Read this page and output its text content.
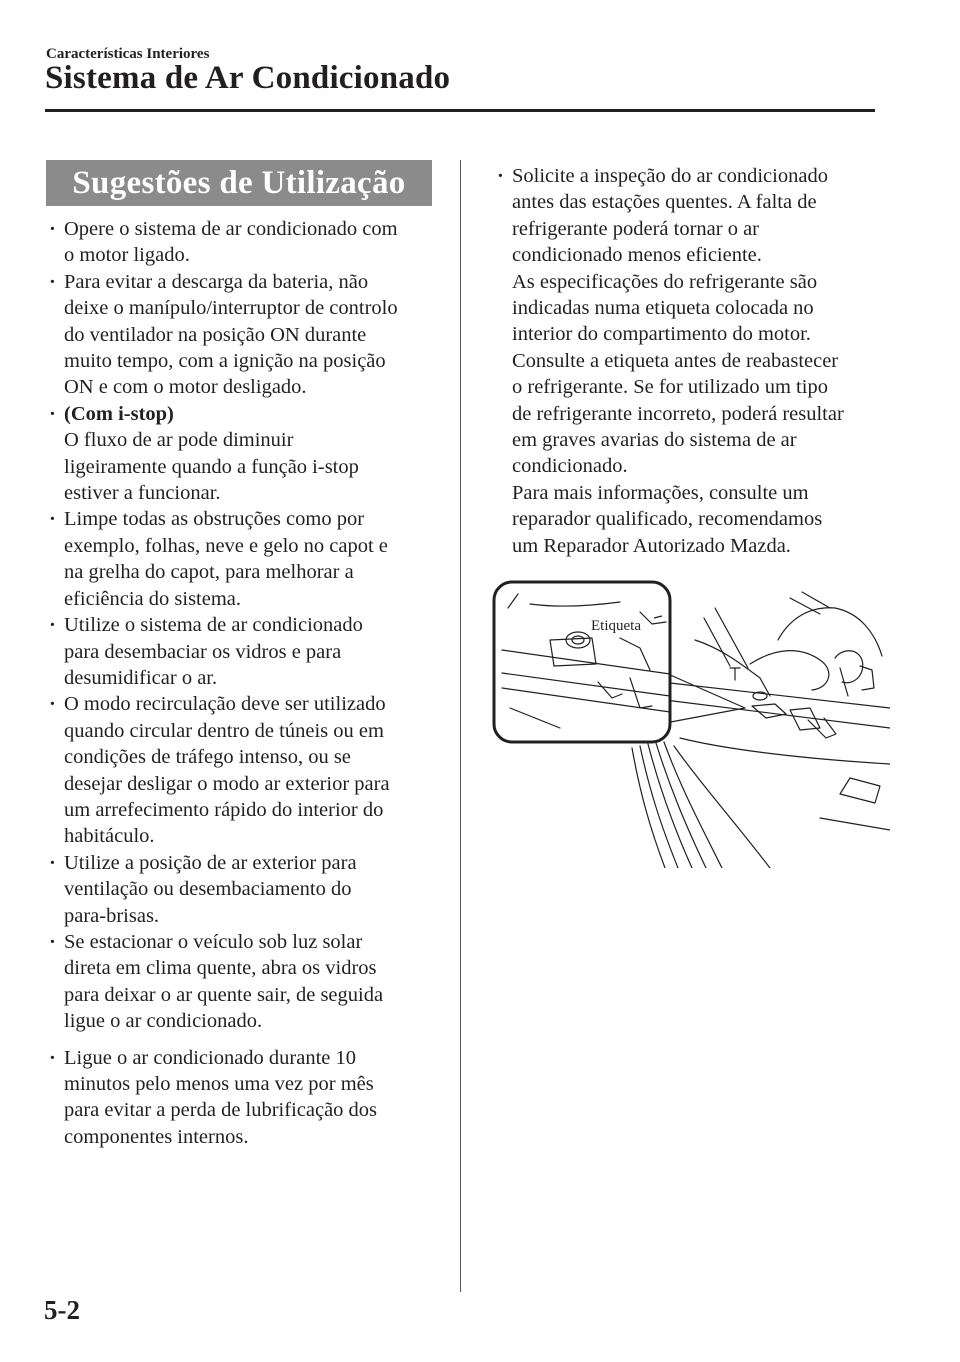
Características Interiores
Sistema de Ar Condicionado
Sugestões de Utilização
· Opere o sistema de ar condicionado com
o motor ligado.
· Para evitar a descarga da bateria, não
deixe o manípulo/interruptor de controlo
do ventilador na posição ON durante
muito tempo, com a ignição na posição
ON e com o motor desligado.
· (Com i-stop)
O fluxo de ar pode diminuir
ligeiramente quando a função i-stop
estiver a funcionar.
· Limpe todas as obstruções como por
exemplo, folhas, neve e gelo no capot e
na grelha do capot, para melhorar a
eficiência do sistema.
· Utilize o sistema de ar condicionado
para desembaciar os vidros e para
desumidificar o ar.
· O modo recirculação deve ser utilizado
quando circular dentro de túneis ou em
condições de tráfego intenso, ou se
desejar desligar o modo ar exterior para
um arrefecimento rápido do interior do
habitáculo.
· Utilize a posição de ar exterior para
ventilação ou desembaciamento do
para-brisas.
· Se estacionar o veículo sob luz solar
direta em clima quente, abra os vidros
para deixar o ar quente sair, de seguida
ligue o ar condicionado.
· Ligue o ar condicionado durante 10
minutos pelo menos uma vez por mês
para evitar a perda de lubrificação dos
componentes internos.
· Solicite a inspeção do ar condicionado
antes das estações quentes. A falta de
refrigerante poderá tornar o ar
condicionado menos eficiente.
As especificações do refrigerante são
indicadas numa etiqueta colocada no
interior do compartimento do motor.
Consulte a etiqueta antes de reabastecer
o refrigerante. Se for utilizado um tipo
de refrigerante incorreto, poderá resultar
em graves avarias do sistema de ar
condicionado.
Para mais informações, consulte um
reparador qualificado, recomendamos
um Reparador Autorizado Mazda.
Etiqueta
5-2
